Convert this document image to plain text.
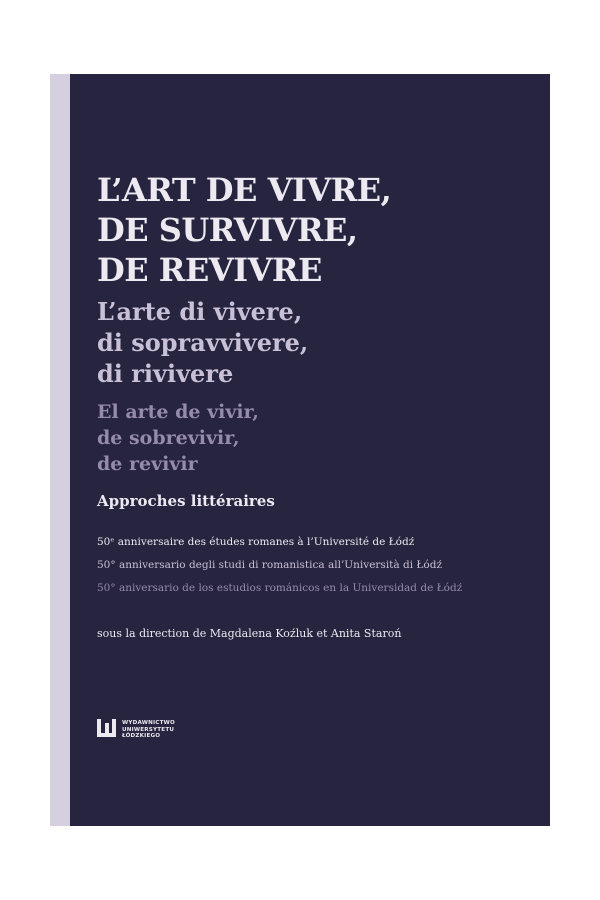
L’ART DE VIVRE,
DE SURVIVRE,
DE REVIVRE
L’arte di vivere,
di sopravvivere,
di rivivere
El arte de vivir,
de sobrevivir,
de revivir
Approches littéraires
50ᵉ anniversaire des études romanes à l’Université de Łódź
50° anniversario degli studi di romanistica all’Università di Łódź
50° aniversario de los estudios románicos en la Universidad de Łódź
sous la direction de Magdalena Koźluk et Anita Staroń
WYDAWNICTWO
UNIWERSYTETU
ŁÓDZKIEGO
